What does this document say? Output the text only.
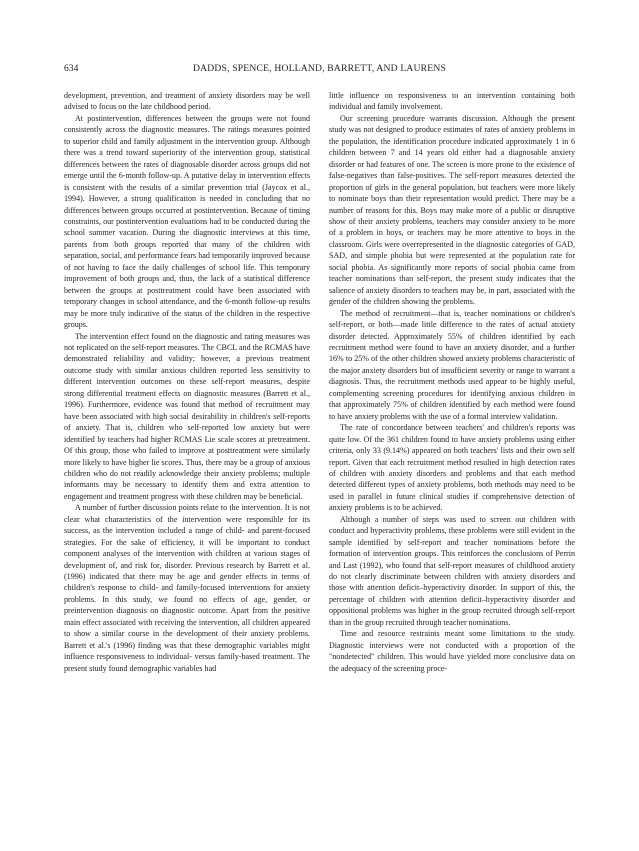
634	DADDS, SPENCE, HOLLAND, BARRETT, AND LAURENS

development, prevention, and treatment of anxiety disorders may be well advised to focus on the late childhood period.

At postintervention, differences between the groups were not found consistently across the diagnostic measures. The ratings measures pointed to superior child and family adjustment in the intervention group. Although there was a trend toward superiority of the intervention group, statistical differences between the rates of diagnosable disorder across groups did not emerge until the 6-month follow-up. A putative delay in intervention effects is consistent with the results of a similar prevention trial (Jaycox et al., 1994). However, a strong qualification is needed in concluding that no differences between groups occurred at postintervention. Because of timing constraints, our postintervention evaluations had to be conducted during the school summer vacation. During the diagnostic interviews at this time, parents from both groups reported that many of the children with separation, social, and performance fears had temporarily improved because of not having to face the daily challenges of school life. This temporary improvement of both groups and, thus, the lack of a statistical difference between the groups at posttreatment could have been associated with temporary changes in school attendance, and the 6-month follow-up results may be more truly indicative of the status of the children in the respective groups.

The intervention effect found on the diagnostic and rating measures was not replicated on the self-report measures. The CBCL and the RCMAS have demonstrated reliability and validity; however, a previous treatment outcome study with similar anxious children reported less sensitivity to different intervention outcomes on these self-report measures, despite strong differential treatment effects on diagnostic measures (Barrett et al., 1996). Furthermore, evidence was found that method of recruitment may have been associated with high social desirability in children's self-reports of anxiety. That is, children who self-reported low anxiety but were identified by teachers had higher RCMAS Lie scale scores at pretreatment. Of this group, those who failed to improve at posttreatment were similarly more likely to have higher lie scores. Thus, there may be a group of anxious children who do not readily acknowledge their anxiety problems; multiple informants may be necessary to identify them and extra attention to engagement and treatment progress with these children may be beneficial.

A number of further discussion points relate to the intervention. It is not clear what characteristics of the intervention were responsible for its success, as the intervention included a range of child- and parent-focused strategies. For the sake of efficiency, it will be important to conduct component analyses of the intervention with children at various stages of development of, and risk for, disorder. Previous research by Barrett et al. (1996) indicated that there may be age and gender effects in terms of children's response to child- and family-focused interventions for anxiety problems. In this study, we found no effects of age, gender, or preintervention diagnosis on diagnostic outcome. Apart from the positive main effect associated with receiving the intervention, all children appeared to show a similar course in the development of their anxiety problems. Barrett et al.'s (1996) finding was that these demographic variables might influence responsiveness to individual- versus family-based treatment. The present study found demographic variables had

little influence on responsiveness to an intervention containing both individual and family involvement.

Our screening procedure warrants discussion. Although the present study was not designed to produce estimates of rates of anxiety problems in the population, the identification procedure indicated approximately 1 in 6 children between 7 and 14 years old either had a diagnosable anxiety disorder or had features of one. The screen is more prone to the existence of false-negatives than false-positives. The self-report measures detected the proportion of girls in the general population, but teachers were more likely to nominate boys than their representation would predict. There may be a number of reasons for this. Boys may make more of a public or disruptive show of their anxiety problems, teachers may consider anxiety to be more of a problem in boys, or teachers may be more attentive to boys in the classroom. Girls were overrepresented in the diagnostic categories of GAD, SAD, and simple phobia but were represented at the population rate for social phobia. As significantly more reports of social phobia came from teacher nominations than self-report, the present study indicates that the salience of anxiety disorders to teachers may be, in part, associated with the gender of the children showing the problems.

The method of recruitment—that is, teacher nominations or children's self-report, or both—made little difference to the rates of actual anxiety disorder detected. Approximately 55% of children identified by each recruitment method were found to have an anxiety disorder, and a further 16% to 25% of the other children showed anxiety problems characteristic of the major anxiety disorders but of insufficient severity or range to warrant a diagnosis. Thus, the recruitment methods used appear to be highly useful, complementing screening procedures for identifying anxious children in that approximately 75% of children identified by each method were found to have anxiety problems with the use of a formal interview validation.

The rate of concordance between teachers' and children's reports was quite low. Of the 361 children found to have anxiety problems using either criteria, only 33 (9.14%) appeared on both teachers' lists and their own self report. Given that each recruitment method resulted in high detection rates of children with anxiety disorders and problems and that each method detected different types of anxiety problems, both methods may need to be used in parallel in future clinical studies if comprehensive detection of anxiety problems is to be achieved.

Although a number of steps was used to screen out children with conduct and hyperactivity problems, these problems were still evident in the sample identified by self-report and teacher nominations before the formation of intervention groups. This reinforces the conclusions of Perrin and Last (1992), who found that self-report measures of childhood anxiety do not clearly discriminate between children with anxiety disorders and those with attention deficit–hyperactivity disorder. In support of this, the percentage of children with attention deficit–hyperactivity disorder and oppositional problems was higher in the group recruited through self-report than in the group recruited through teacher nominations.

Time and resource restraints meant some limitations to the study. Diagnostic interviews were not conducted with a proportion of the "nondetected" children. This would have yielded more conclusive data on the adequacy of the screening proce-
